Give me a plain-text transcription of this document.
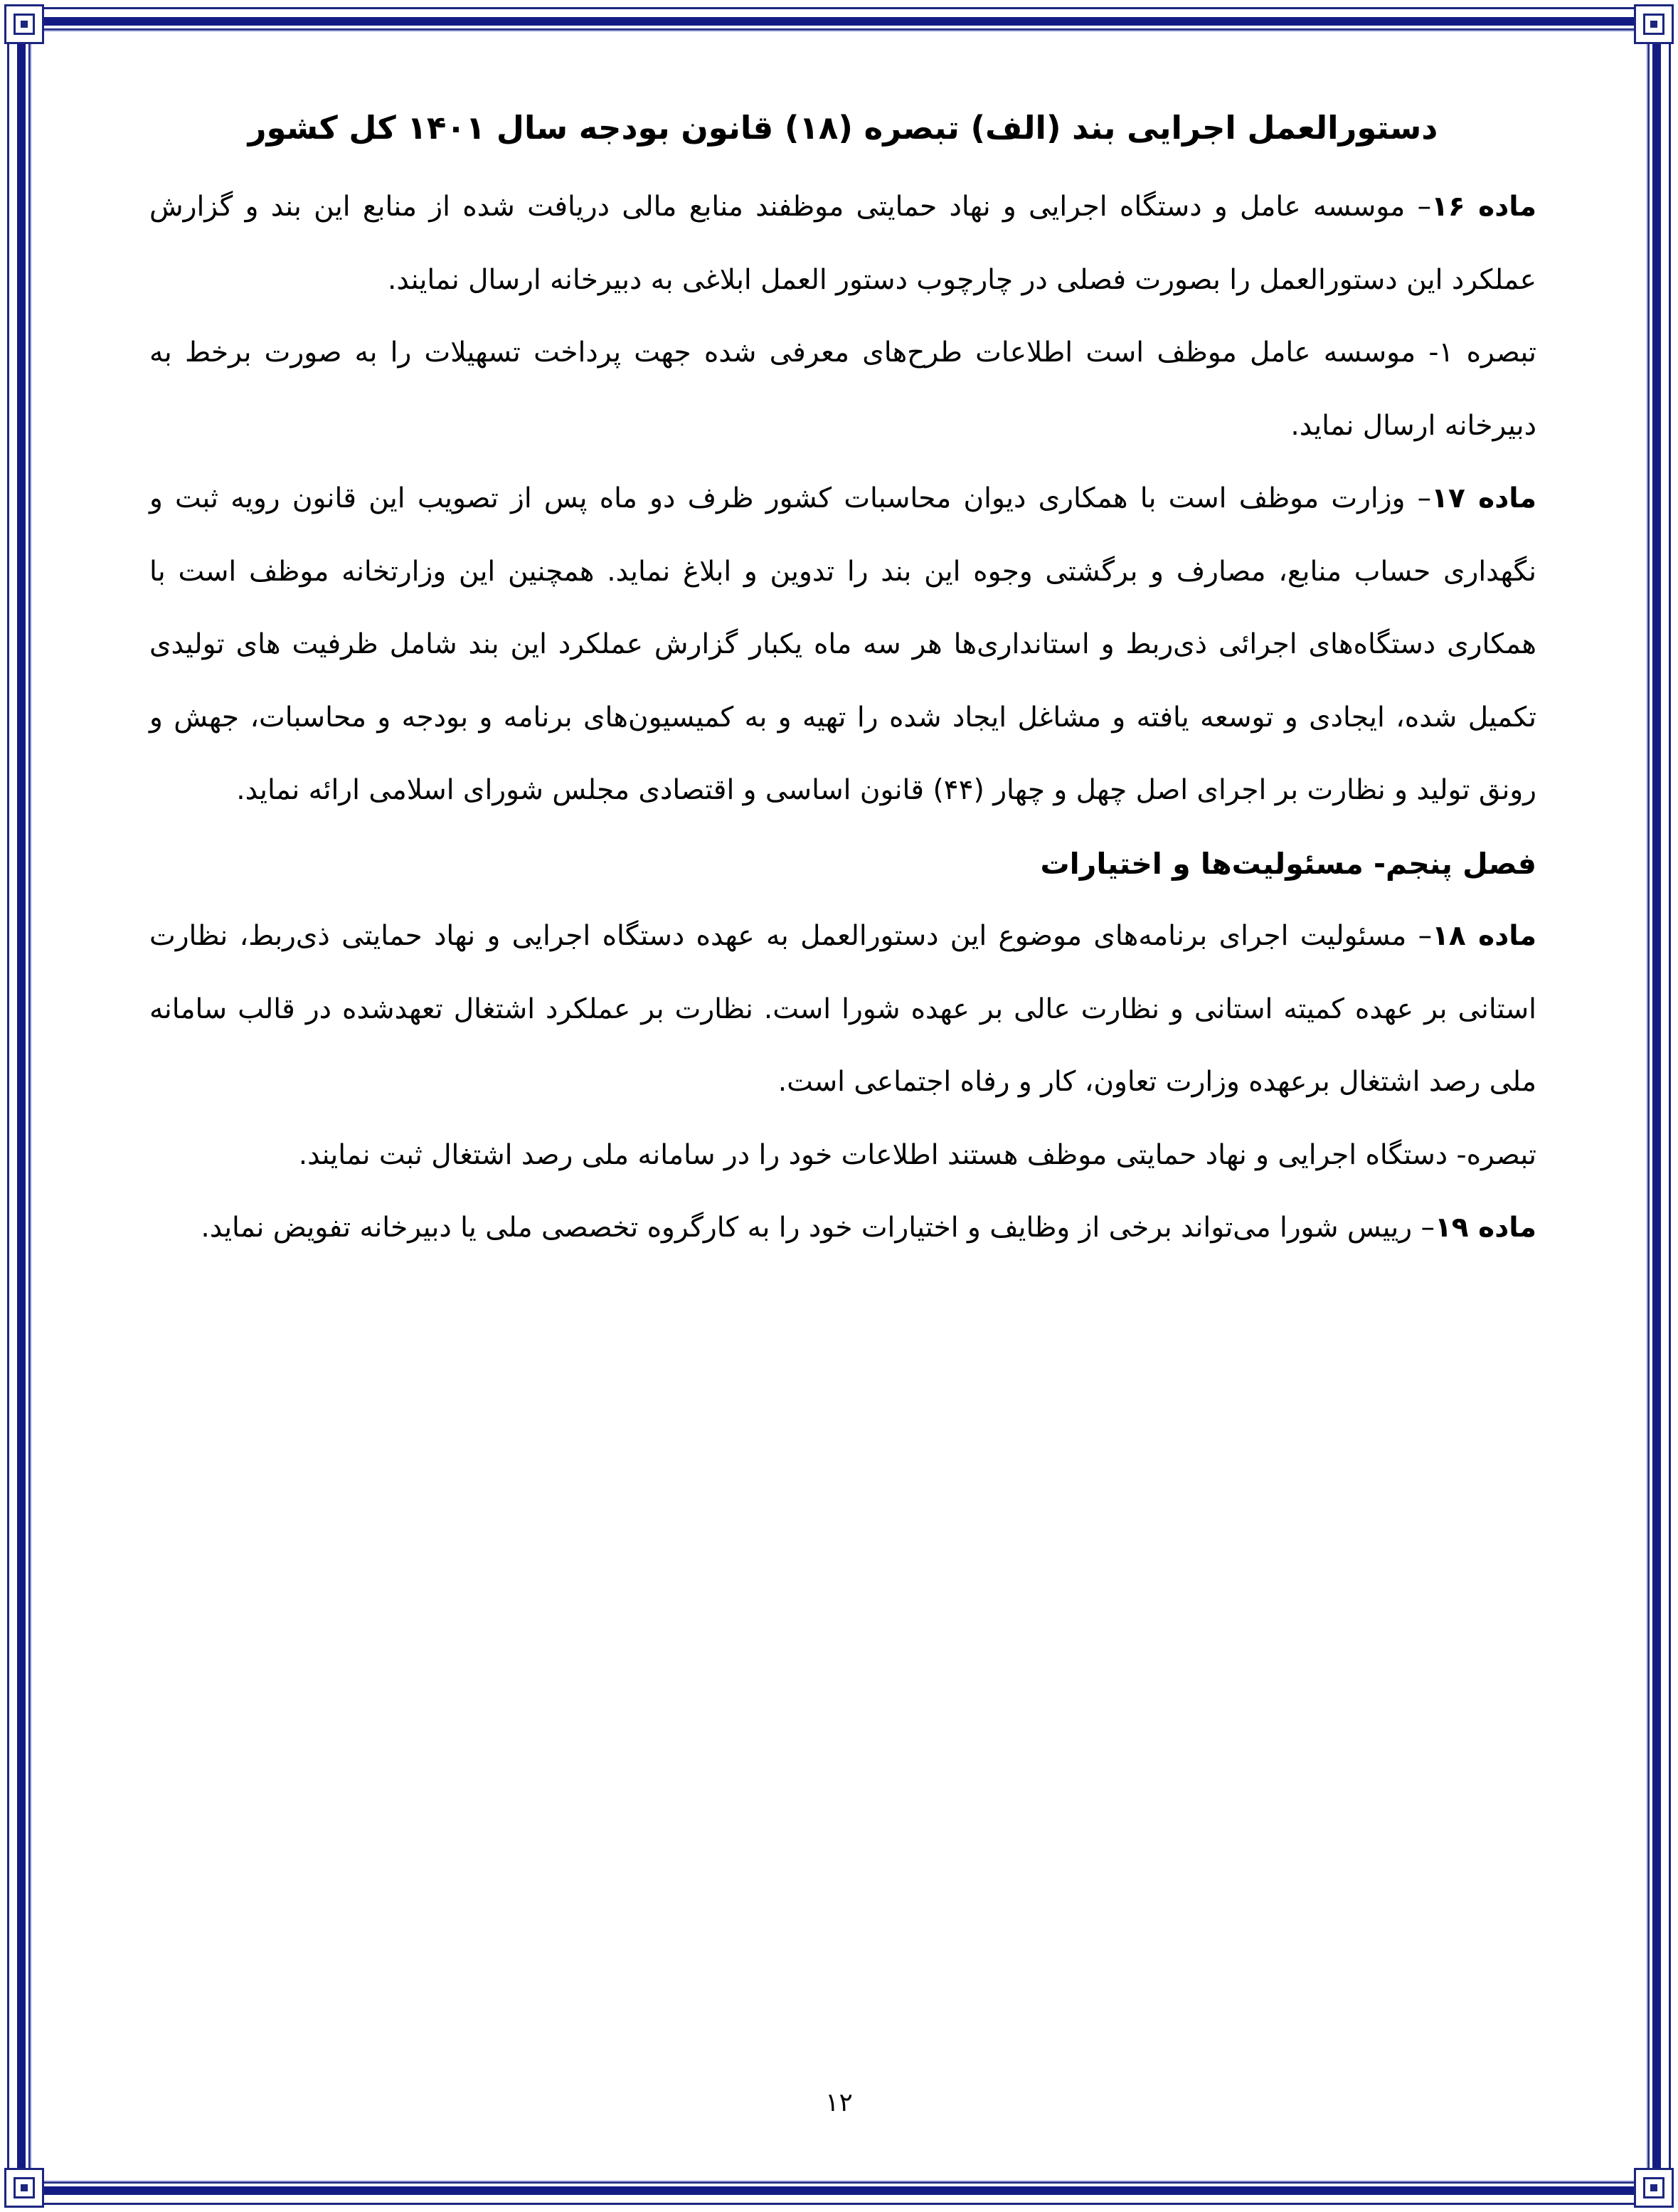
دستورالعمل اجرایی بند (الف) تبصره (۱۸) قانون بودجه سال ۱۴۰۱ کل کشور

ماده ۱۶– موسسه عامل و دستگاه اجرایی و نهاد حمایتی موظفند منابع مالی دریافت شده از منابع این بند و گزارش عملکرد این دستورالعمل را بصورت فصلی در چارچوب دستور العمل ابلاغی به دبیرخانه ارسال نمایند.

تبصره ۱- موسسه عامل موظف است اطلاعات طرح‌های معرفی شده جهت پرداخت تسهیلات را به صورت برخط به دبیرخانه ارسال نماید.

ماده ۱۷– وزارت موظف است با همکاری دیوان محاسبات کشور ظرف دو ماه پس از تصویب این قانون رویه ثبت و نگهداری حساب منابع، مصارف و برگشتی وجوه این بند را تدوین و ابلاغ نماید. همچنین این وزارتخانه موظف است با همکاری دستگاه‌های اجرائی ذی‌ربط و استانداری‌ها هر سه ماه یکبار گزارش عملکرد این بند شامل ظرفیت های تولیدی تکمیل شده، ایجادی و توسعه یافته و مشاغل ایجاد شده را تهیه و به کمیسیون‌های برنامه و بودجه و محاسبات، جهش و رونق تولید و نظارت بر اجرای اصل چهل و چهار (۴۴) قانون اساسی و اقتصادی مجلس شورای اسلامی ارائه نماید.

فصل پنجم- مسئولیت‌ها و اختیارات

ماده ۱۸– مسئولیت اجرای برنامه‌های موضوع این دستورالعمل به عهده دستگاه اجرایی و نهاد حمایتی ذی‌ربط، نظارت استانی بر عهده کمیته استانی و نظارت عالی بر عهده شورا است. نظارت بر عملکرد اشتغال تعهدشده در قالب سامانه ملی رصد اشتغال برعهده وزارت تعاون، کار و رفاه اجتماعی است.

تبصره- دستگاه اجرایی و نهاد حمایتی موظف هستند اطلاعات خود را در سامانه ملی رصد اشتغال ثبت نمایند.

ماده ۱۹– رییس شورا می‌تواند برخی از وظایف و اختیارات خود را به کارگروه تخصصی ملی یا دبیرخانه تفویض نماید.

۱۲
